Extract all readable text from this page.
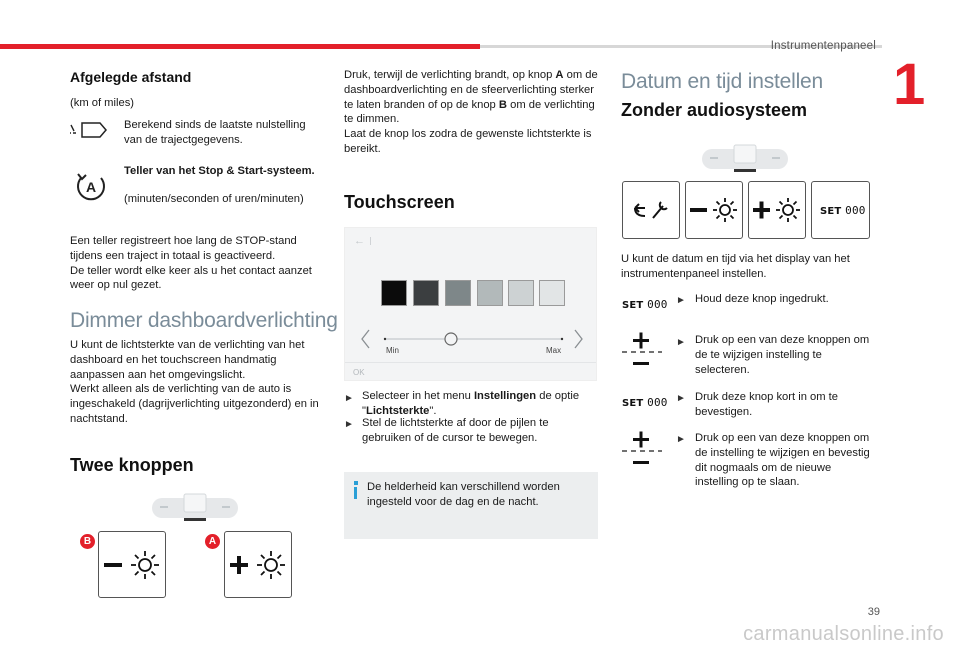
Instrumentenpaneel
1
Afgelegde afstand
(km of miles)
Berekend sinds de laatste nulstelling van de trajectgegevens.
A
Teller van het Stop & Start-systeem.
(minuten/seconden of uren/minuten)
Een teller registreert hoe lang de STOP-stand tijdens een traject in totaal is geactiveerd.
De teller wordt elke keer als u het contact aanzet weer op nul gezet.
Dimmer dashboardverlichting
U kunt de lichtsterkte van de verlichting van het dashboard en het touchscreen handmatig aanpassen aan het omgevingslicht.
Werkt alleen als de verlichting van de auto is ingeschakeld (dagrijverlichting uitgezonderd) en in nachtstand.
Twee knoppen
B	A
Druk, terwijl de verlichting brandt, op knop A om de dashboardverlichting en de sfeerverlichting sterker te laten branden of op de knop B om de verlichting te dimmen.
Laat de knop los zodra de gewenste lichtsterkte is bereikt.
Touchscreen
←
Min	Max
OK
► Selecteer in het menu Instellingen de optie "Lichtsterkte".
► Stel de lichtsterkte af door de pijlen te gebruiken of de cursor te bewegen.
De helderheid kan verschillend worden ingesteld voor de dag en de nacht.
Datum en tijd instellen
Zonder audiosysteem
SET 000
U kunt de datum en tijd via het display van het instrumentenpaneel instellen.
SET 000 ► Houd deze knop ingedrukt.
► Druk op een van deze knoppen om de te wijzigen instelling te selecteren.
SET 000 ► Druk deze knop kort in om te bevestigen.
► Druk op een van deze knoppen om de instelling te wijzigen en bevestig dit nogmaals om de nieuwe instelling op te slaan.
39
carmanualsonline.info
